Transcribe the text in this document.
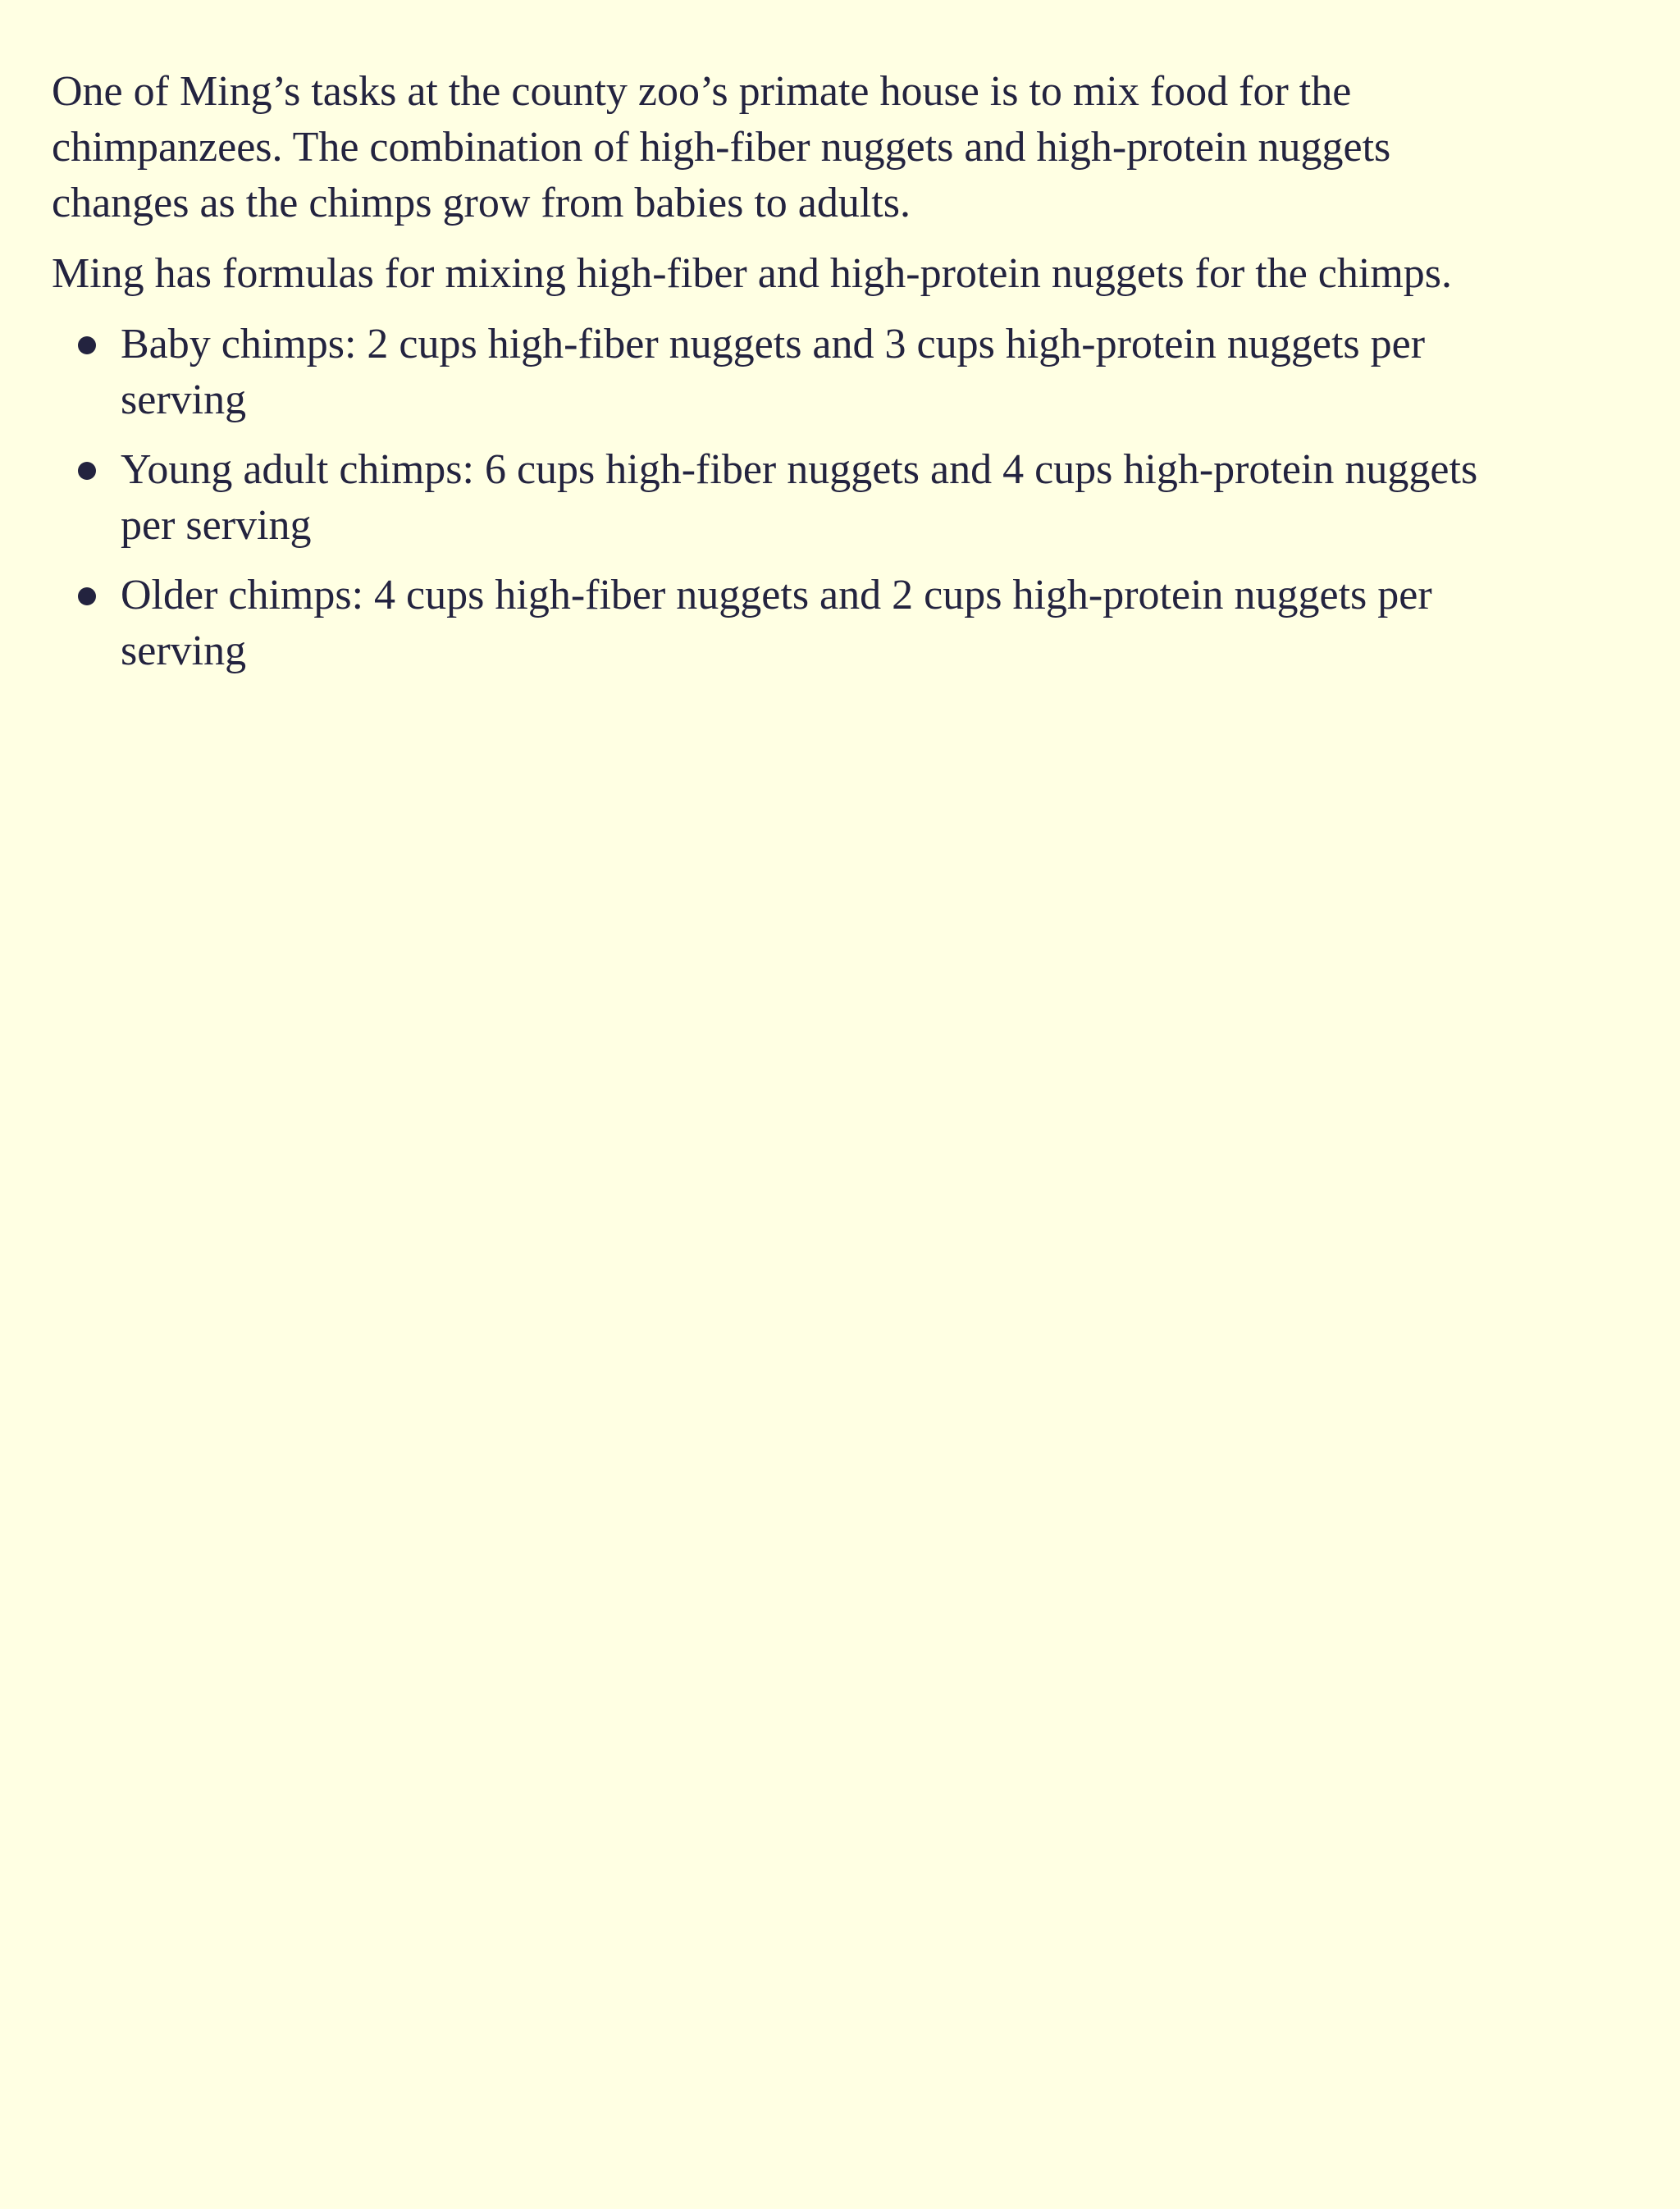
One of Ming’s tasks at the county zoo’s primate house is to mix food for the chimpanzees. The combination of high-fiber nuggets and high-protein nuggets changes as the chimps grow from babies to adults.

Ming has formulas for mixing high-fiber and high-protein nuggets for the chimps.

Baby chimps: 2 cups high-fiber nuggets and 3 cups high-protein nuggets per serving
Young adult chimps: 6 cups high-fiber nuggets and 4 cups high-protein nuggets per serving
Older chimps: 4 cups high-fiber nuggets and 2 cups high-protein nuggets per serving
